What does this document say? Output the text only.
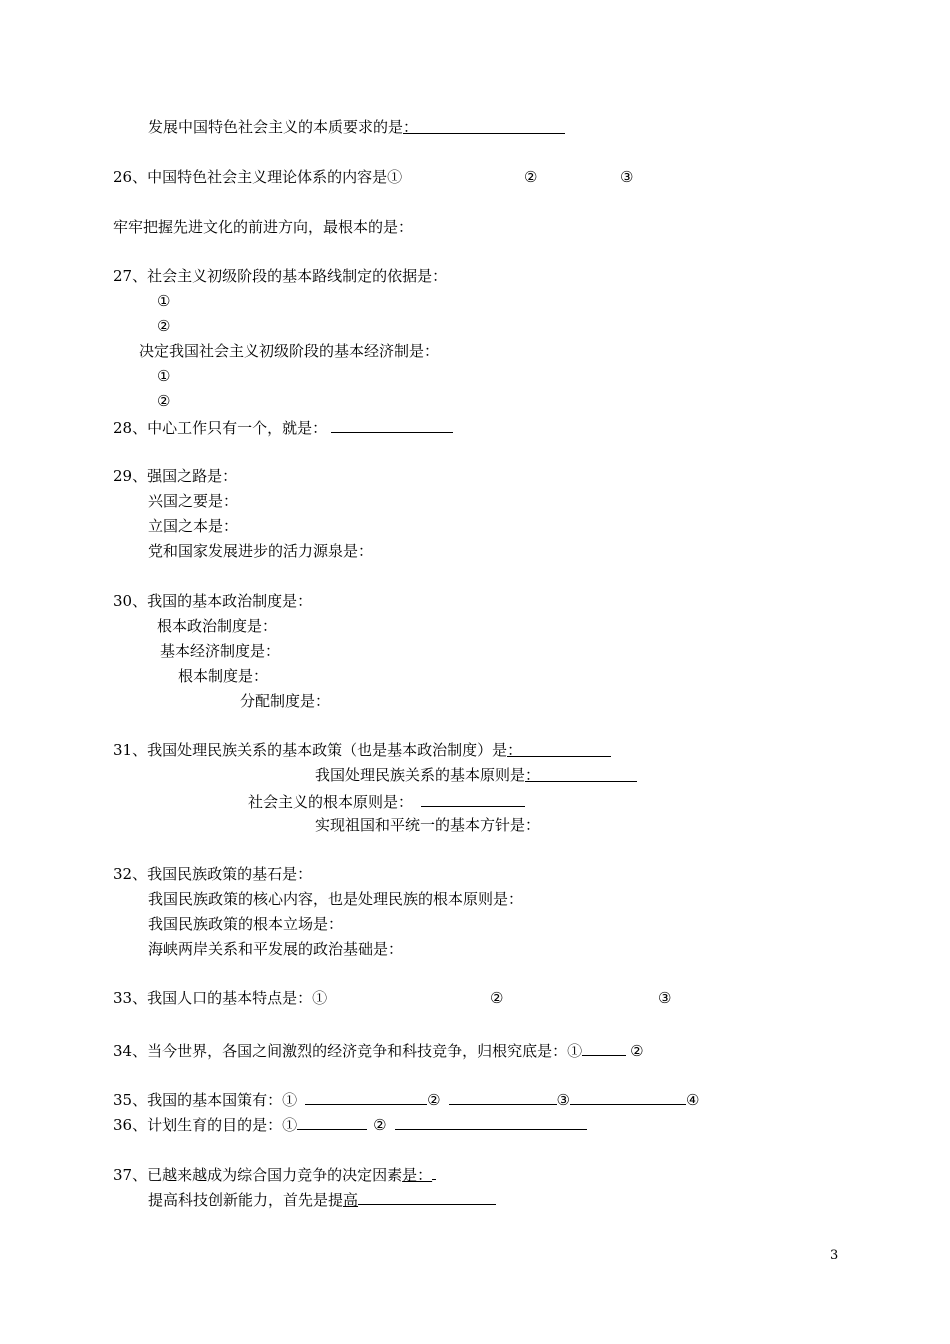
发展中国特色社会主义的本质要求的是：
26、中国特色社会主义理论体系的内容是①	②	③
牢牢把握先进文化的前进方向，最根本的是：
27、社会主义初级阶段的基本路线制定的依据是：
①
②
决定我国社会主义初级阶段的基本经济制是：
①
②
28、中心工作只有一个，就是：
29、强国之路是：
兴国之要是：
立国之本是：
党和国家发展进步的活力源泉是：
30、我国的基本政治制度是：
根本政治制度是：
基本经济制度是：
根本制度是：
分配制度是：
31、我国处理民族关系的基本政策（也是基本政治制度）是：
我国处理民族关系的基本原则是：
社会主义的根本原则是：
实现祖国和平统一的基本方针是：
32、我国民族政策的基石是：
我国民族政策的核心内容，也是处理民族的根本原则是：
我国民族政策的根本立场是：
海峡两岸关系和平发展的政治基础是：
33、我国人口的基本特点是：①	②	③
34、当今世界，各国之间激烈的经济竞争和科技竞争，归根究底是：①	②
35、我国的基本国策有：①	②	③	④
36、计划生育的目的是：①	②
37、已越来越成为综合国力竞争的决定因素是：
提高科技创新能力，首先是提高
3
